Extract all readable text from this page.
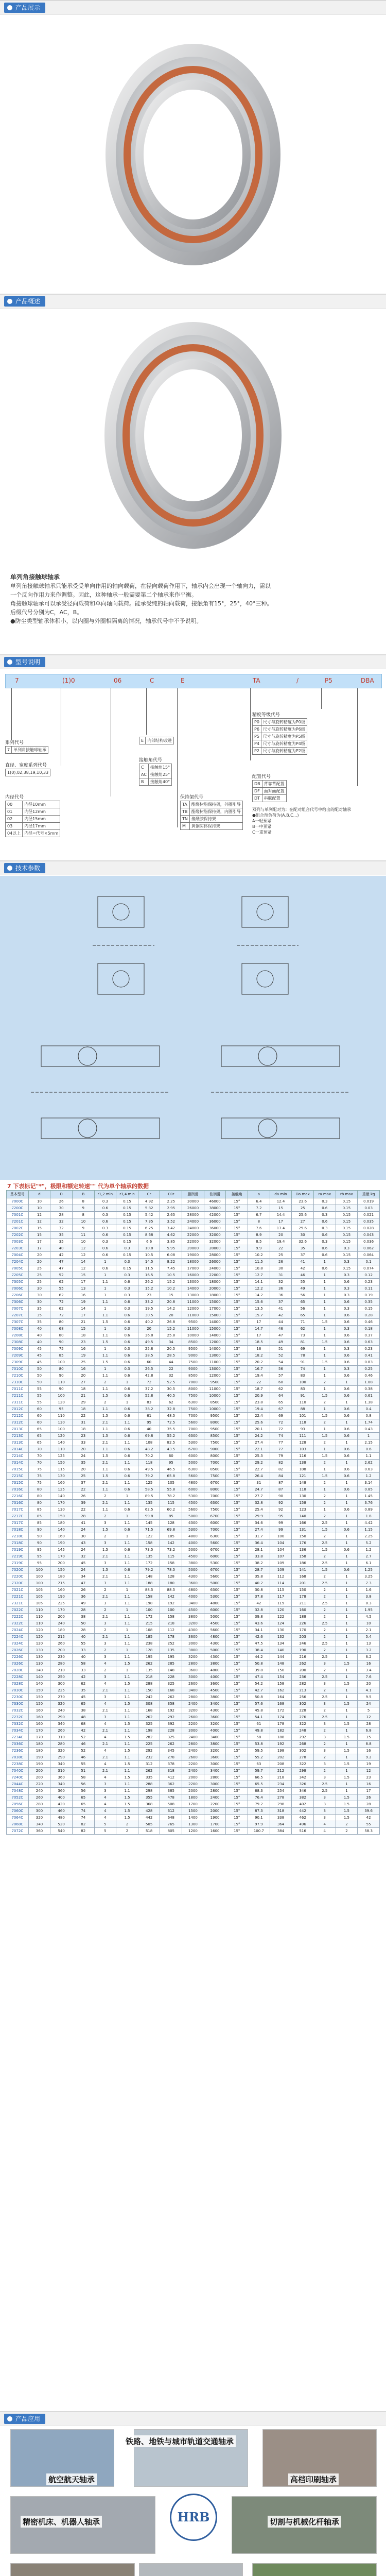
产品展示
产品概述
单列角接触球轴承
单列角接触球轴承只能承受受单向作用的轴向载荷，在径向载荷作用下，轴承内会出现一个轴向力，需以
一个反向作用力来作调整。因此，这种轴承一般需要第二个轴承来作平衡。
角接触球轴承可以承受径向载荷和单向轴向载荷。能承受纯的轴向载荷，接触角有15°，25°，40°三种。
后缀代号分别为C，AC，B。
●防尘类型轴承体积小，以内圈与外圈相隔离的情况，轴承代号中不予说明。
型号说明
7	(1)0	06	C	E	TA	/	P5	DBA
系列代号
7	单列角接触球轴承
直径、宽度系列代号
1(0),02,38,19,10,33
内径代号
00	内径10mm
01	内径12mm
02	内径15mm
03	内径17mm
04以上	内径=代号×5mm
E	内部结构改进
接触角代号
C	接触角15°
AC	接触角25°
B	接触角40°
保持架代号
TA	酚醛树脂保持架，外圈引导
TB	酚醛树脂保持架，内圈引导
TN	聚酰胺保持架
M	黄铜实体保持架
精度等级代号
P0	尺寸与旋转精度为P0级
P6	尺寸与旋转精度为P6级
P5	尺寸与旋转精度为P5级
P4	尺寸与旋转精度为P4级
P2	尺寸与旋转精度为P2级
配置代号
DB	背靠背配置
DF	面对面配置
DT	串联配置
双列与单列配对为：在配对组合代号中给出的配对轴承
●组合预负荷为(A,B,C...)
A一轻预紧
B一中预紧
C一重预紧
技术参数
7 下表标记"*"，极限和额定转速"" 代为单个轴承的数据
基本型号	d	D	B	r1,2 min	r3,4 min	Cr	C0r	脂润滑	油润滑	接触角	a	da min	Da max	ra max	rb max	重量 kg
7000C	10	26	8	0.3	0.15	4.92	2.25	30000	46000	15°	6.4	12.4	23.6	0.3	0.15	0.019
7200C	10	30	9	0.6	0.15	5.82	2.95	26000	38000	15°	7.2	15	25	0.6	0.15	0.03
7001C	12	28	8	0.3	0.15	5.42	2.65	28000	42000	15°	6.7	14.4	25.6	0.3	0.15	0.021
7201C	12	32	10	0.6	0.15	7.35	3.52	24000	36000	15°	8	17	27	0.6	0.15	0.035
7002C	15	32	9	0.3	0.15	6.25	3.42	24000	36000	15°	7.6	17.4	29.6	0.3	0.15	0.028
7202C	15	35	11	0.6	0.15	8.68	4.62	22000	32000	15°	8.9	20	30	0.6	0.15	0.043
7003C	17	35	10	0.3	0.15	6.6	3.85	22000	32000	15°	8.5	19.4	32.6	0.3	0.15	0.036
7203C	17	40	12	0.6	0.3	10.8	5.95	20000	28000	15°	9.9	22	35	0.6	0.3	0.062
7004C	20	42	12	0.6	0.15	10.5	6.08	19000	28000	15°	10.2	25	37	0.6	0.15	0.064
7204C	20	47	14	1	0.3	14.5	8.22	18000	26000	15°	11.5	26	41	1	0.3	0.1
7005C	25	47	12	0.6	0.15	11.5	7.45	17000	24000	15°	10.8	30	42	0.6	0.15	0.074
7205C	25	52	15	1	0.3	16.5	10.5	16000	22000	15°	12.7	31	46	1	0.3	0.12
7305C	25	62	17	1.1	0.6	26.2	15.2	13000	18000	15°	14.1	32	55	1	0.6	0.23
7006C	30	55	13	1	0.3	15.2	10.2	14000	20000	15°	12.2	36	49	1	0.3	0.11
7206C	30	62	16	1	0.3	23	15	13000	18000	15°	14.2	36	56	1	0.3	0.19
7306C	30	72	19	1.1	0.6	33.2	20.8	11000	15000	15°	15.6	37	65	1	0.6	0.35
7007C	35	62	14	1	0.3	19.5	14.2	12000	17000	15°	13.5	41	56	1	0.3	0.15
7207C	35	72	17	1.1	0.6	30.5	20	11000	15000	15°	15.7	42	65	1	0.6	0.28
7307C	35	80	21	1.5	0.6	40.2	26.8	9500	14000	15°	17	44	71	1.5	0.6	0.46
7008C	40	68	15	1	0.3	20	15.2	11000	15000	15°	14.7	46	62	1	0.3	0.18
7208C	40	80	18	1.1	0.6	36.8	25.8	10000	14000	15°	17	47	73	1	0.6	0.37
7308C	40	90	23	1.5	0.6	49.5	34	8500	12000	15°	18.5	49	81	1.5	0.6	0.63
7009C	45	75	16	1	0.3	25.8	20.5	9500	14000	15°	16	51	69	1	0.3	0.23
7209C	45	85	19	1.1	0.6	38.5	28.5	9000	13000	15°	18.2	52	78	1	0.6	0.41
7309C	45	100	25	1.5	0.6	60	44	7500	11000	15°	20.2	54	91	1.5	0.6	0.83
7010C	50	80	16	1	0.3	26.5	22	9000	13000	15°	16.7	56	74	1	0.3	0.25
7210C	50	90	20	1.1	0.6	42.8	32	8500	12000	15°	19.4	57	83	1	0.6	0.46
7310C	50	110	27	2	1	72	52.5	7000	9500	15°	22	60	100	2	1	1.08
7011C	55	90	18	1.1	0.6	37.2	30.5	8000	11000	15°	18.7	62	83	1	0.6	0.38
7211C	55	100	21	1.5	0.6	52.8	40.5	7500	10000	15°	20.9	64	91	1.5	0.6	0.61
7311C	55	120	29	2	1	83	62	6300	8500	15°	23.8	65	110	2	1	1.38
7012C	60	95	18	1.1	0.6	38.2	32.8	7500	10000	15°	19.4	67	88	1	0.6	0.4
7212C	60	110	22	1.5	0.6	61	48.5	7000	9500	15°	22.4	69	101	1.5	0.6	0.8
7312C	60	130	31	2.1	1.1	95	72.5	5600	8000	15°	25.6	72	118	2	1	1.74
7013C	65	100	18	1.1	0.6	40	35.5	7000	9500	15°	20.1	72	93	1	0.6	0.43
7213C	65	120	23	1.5	0.6	69.8	55.2	6300	8500	15°	24.2	74	111	1.5	0.6	1
7313C	65	140	33	2.1	1.1	108	82.5	5300	7500	15°	27.4	77	128	2	1	2.15
7014C	70	110	20	1.1	0.6	48.2	43.5	6700	9000	15°	22.1	77	103	1	0.6	0.6
7214C	70	125	24	1.5	0.6	70.2	60	6000	8000	15°	25.3	79	116	1.5	0.6	1.1
7314C	70	150	35	2.1	1.1	118	95	5000	7000	15°	29.2	82	138	2	1	2.62
7015C	75	115	20	1.1	0.6	49.5	46.5	6300	8500	15°	22.7	82	108	1	0.6	0.63
7215C	75	130	25	1.5	0.6	79.2	65.8	5600	7500	15°	26.4	84	121	1.5	0.6	1.2
7315C	75	160	37	2.1	1.1	125	105	4800	6700	15°	31	87	148	2	1	3.14
7016C	80	125	22	1.1	0.6	58.5	55.8	6000	8000	15°	24.7	87	118	1	0.6	0.85
7216C	80	140	26	2	1	89.5	78.2	5300	7000	15°	27.7	90	130	2	1	1.45
7316C	80	170	39	2.1	1.1	135	115	4500	6300	15°	32.8	92	158	2	1	3.76
7017C	85	130	22	1.1	0.6	62.5	60.2	5600	7500	15°	25.4	92	123	1	0.6	0.89
7217C	85	150	28	2	1	99.8	85	5000	6700	15°	29.9	95	140	2	1	1.8
7317C	85	180	41	3	1.1	145	128	4300	6000	15°	34.6	99	166	2.5	1	4.42
7018C	90	140	24	1.5	0.6	71.5	69.8	5300	7000	15°	27.4	99	131	1.5	0.6	1.15
7218C	90	160	30	2	1	122	105	4800	6300	15°	31.7	100	150	2	1	2.25
7318C	90	190	43	3	1.1	158	142	4000	5600	15°	36.4	104	176	2.5	1	5.2
7019C	95	145	24	1.5	0.6	73.5	73.2	5000	6700	15°	28.1	104	136	1.5	0.6	1.2
7219C	95	170	32	2.1	1.1	135	115	4500	6000	15°	33.8	107	158	2	1	2.7
7319C	95	200	45	3	1.1	172	158	3800	5300	15°	38.2	109	186	2.5	1	6.1
7020C	100	150	24	1.5	0.6	79.2	78.5	5000	6700	15°	28.7	109	141	1.5	0.6	1.25
7220C	100	180	34	2.1	1.1	148	128	4300	5600	15°	35.8	112	168	2	1	3.25
7320C	100	215	47	3	1.1	188	180	3600	5000	15°	40.2	114	201	2.5	1	7.3
7021C	105	160	26	2	1	88.5	88.5	4800	6300	15°	30.8	115	150	2	1	1.6
7221C	105	190	36	2.1	1.1	158	142	4000	5300	15°	37.8	117	178	2	1	3.8
7321C	105	225	49	3	1.1	198	192	3400	4800	15°	42	119	211	2.5	1	8.3
7022C	110	170	28	2	1	100	100	4500	6000	15°	32.8	120	160	2	1	1.95
7222C	110	200	38	2.1	1.1	172	158	3800	5000	15°	39.8	122	188	2	1	4.5
7322C	110	240	50	3	1.1	215	218	3200	4500	15°	43.6	124	226	2.5	1	10
7024C	120	180	28	2	1	108	112	4300	5600	15°	34.1	130	170	2	1	2.1
7224C	120	215	40	2.1	1.1	185	178	3600	4800	15°	42.6	132	203	2	1	5.4
7324C	120	260	55	3	1.1	238	252	3000	4300	15°	47.5	134	246	2.5	1	13
7026C	130	200	33	2	1	128	135	3800	5000	15°	38.4	140	190	2	1	3.2
7226C	130	230	40	3	1.1	195	195	3200	4300	15°	44.2	144	216	2.5	1	6.2
7326C	130	280	58	4	1.5	262	285	2800	3800	15°	50.8	148	262	3	1.5	16
7028C	140	210	33	2	1	135	148	3600	4800	15°	39.8	150	200	2	1	3.4
7228C	140	250	42	3	1.1	218	228	3000	4000	15°	47.4	154	236	2.5	1	7.6
7328C	140	300	62	4	1.5	288	325	2600	3600	15°	54.2	158	282	3	1.5	20
7030C	150	225	35	2.1	1.1	150	168	3400	4500	15°	42.7	162	213	2	1	4.1
7230C	150	270	45	3	1.1	242	262	2800	3800	15°	50.8	164	256	2.5	1	9.5
7330C	150	320	65	4	1.5	308	358	2400	3400	15°	57.6	168	302	3	1.5	24
7032C	160	240	38	2.1	1.1	168	192	3200	4300	15°	45.8	172	228	2	1	5
7232C	160	290	48	3	1.1	262	292	2600	3600	15°	54.1	174	276	2.5	1	12
7332C	160	340	68	4	1.5	325	392	2200	3200	15°	61	178	322	3	1.5	28
7034C	170	260	42	2.1	1.1	198	228	3000	4000	15°	49.8	182	248	2	1	6.8
7234C	170	310	52	4	1.5	282	325	2400	3400	15°	58	188	292	3	1.5	15
7036C	180	280	46	2.1	1.1	225	262	2800	3800	15°	53.8	192	268	2	1	8.8
7236C	180	320	52	4	1.5	292	345	2400	3200	15°	59.5	198	302	3	1.5	16
7038C	190	290	46	2.1	1.1	232	278	2600	3600	15°	55.2	202	278	2	1	9.2
7238C	190	340	55	4	1.5	312	378	2200	3000	15°	63	208	322	3	1.5	19
7040C	200	310	51	2.1	1.1	262	318	2400	3400	15°	59.7	212	298	2	1	12
7240C	200	360	58	4	1.5	335	412	2000	2800	15°	66.5	218	342	3	1.5	23
7044C	220	340	56	3	1.1	288	362	2200	3000	15°	65.5	234	326	2.5	1	16
7048C	240	360	56	3	1.1	298	385	2000	2800	15°	68.3	254	346	2.5	1	17
7052C	260	400	65	4	1.5	355	478	1800	2400	15°	76.4	278	382	3	1.5	26
7056C	280	420	65	4	1.5	368	508	1700	2200	15°	79.2	298	402	3	1.5	28
7060C	300	460	74	4	1.5	428	612	1500	2000	15°	87.3	318	442	3	1.5	39.6
7064C	320	480	74	4	1.5	442	648	1400	1900	15°	90.1	338	462	3	1.5	42
7068C	340	520	82	5	2	505	765	1300	1700	15°	97.9	364	496	4	2	55
7072C	360	540	82	5	2	518	805	1200	1600	15°	100.7	384	516	4	2	58.3
产品应用
HRB
铁路、地铁与城市轨道交通轴承
航空航天轴承	高档印刷轴承
精密机床、机器人轴承	切割与机械化杆轴承
